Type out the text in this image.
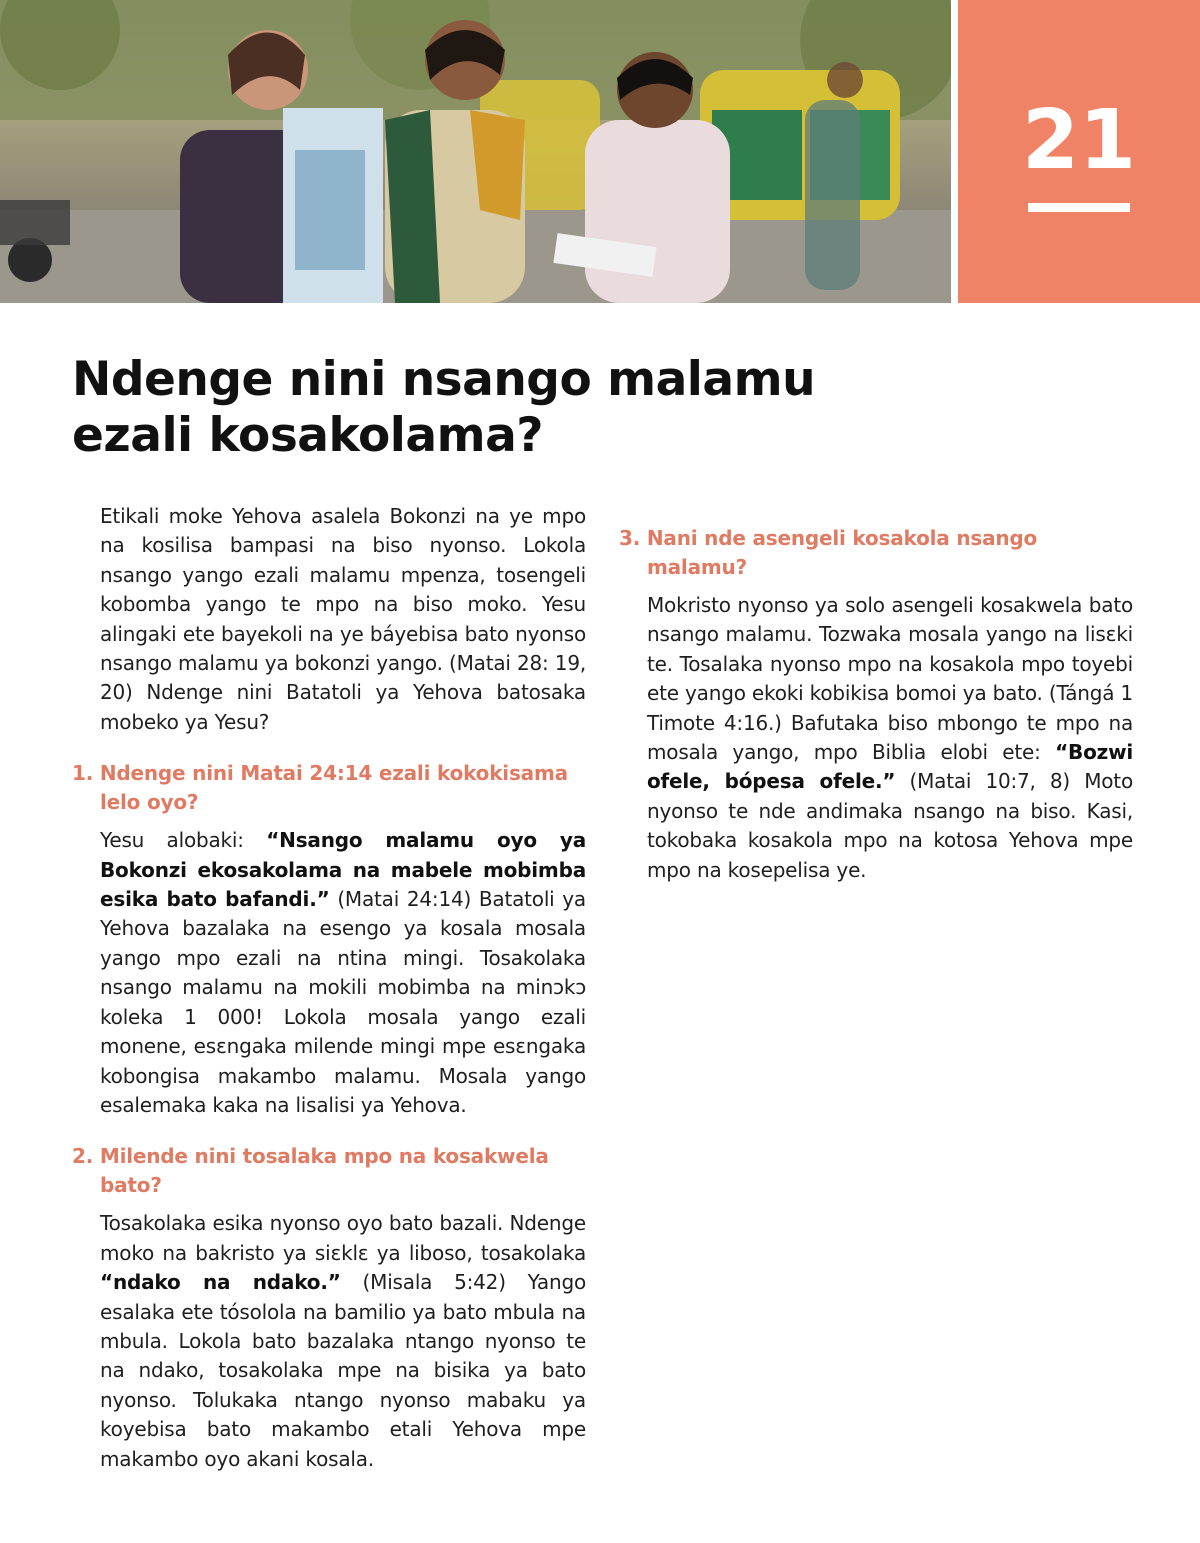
21
Ndenge nini nsango malamu
ezali kosakolama?

Etikali moke Yehova asalela Bokonzi na ye mpo na kosilisa bampasi na biso nyonso. Lokola nsango yango ezali malamu mpenza, tosengeli kobomba yango te mpo na biso moko. Yesu alingaki ete bayekoli na ye báyebisa bato nyonso nsango malamu ya bokonzi yango. (Matai 28: 19, 20) Ndenge nini Batatoli ya Yehova batosaka mobeko ya Yesu?

1. Ndenge nini Matai 24:14 ezali kokokisama lelo oyo?

Yesu alobaki: “Nsango malamu oyo ya Bokonzi ekosakolama na mabele mobimba esika bato bafandi.” (Matai 24:14) Batatoli ya Yehova bazalaka na esengo ya kosala mosala yango mpo ezali na ntina mingi. Tosakolaka nsango malamu na mokili mobimba na minɔkɔ koleka 1 000! Lokola mosala yango ezali monene, esɛngaka milende mingi mpe esɛngaka kobongisa makambo malamu. Mosala yango esalemaka kaka na lisalisi ya Yehova.

2. Milende nini tosalaka mpo na kosakwela bato?

Tosakolaka esika nyonso oyo bato bazali. Ndenge moko na bakristo ya siɛklɛ ya liboso, tosakolaka “ndako na ndako.” (Misala 5:42) Yango esalaka ete tósolola na bamilio ya bato mbula na mbula. Lokola bato bazalaka ntango nyonso te na ndako, tosakolaka mpe na bisika ya bato nyonso. Tolukaka ntango nyonso mabaku ya koyebisa bato makambo etali Yehova mpe makambo oyo akani kosala.

3. Nani nde asengeli kosakola nsango malamu?

Mokristo nyonso ya solo asengeli kosakwela bato nsango malamu. Tozwaka mosala yango na lisɛki te. Tosalaka nyonso mpo na kosakola mpo toyebi ete yango ekoki kobikisa bomoi ya bato. (Tángá 1 Timote 4:16.) Bafutaka biso mbongo te mpo na mosala yango, mpo Biblia elobi ete: “Bozwi ofele, bópesa ofele.” (Matai 10:7, 8) Moto nyonso te nde andimaka nsango na biso. Kasi, tokobaka kosakola mpo na kotosa Yehova mpe mpo na kosepelisa ye.
